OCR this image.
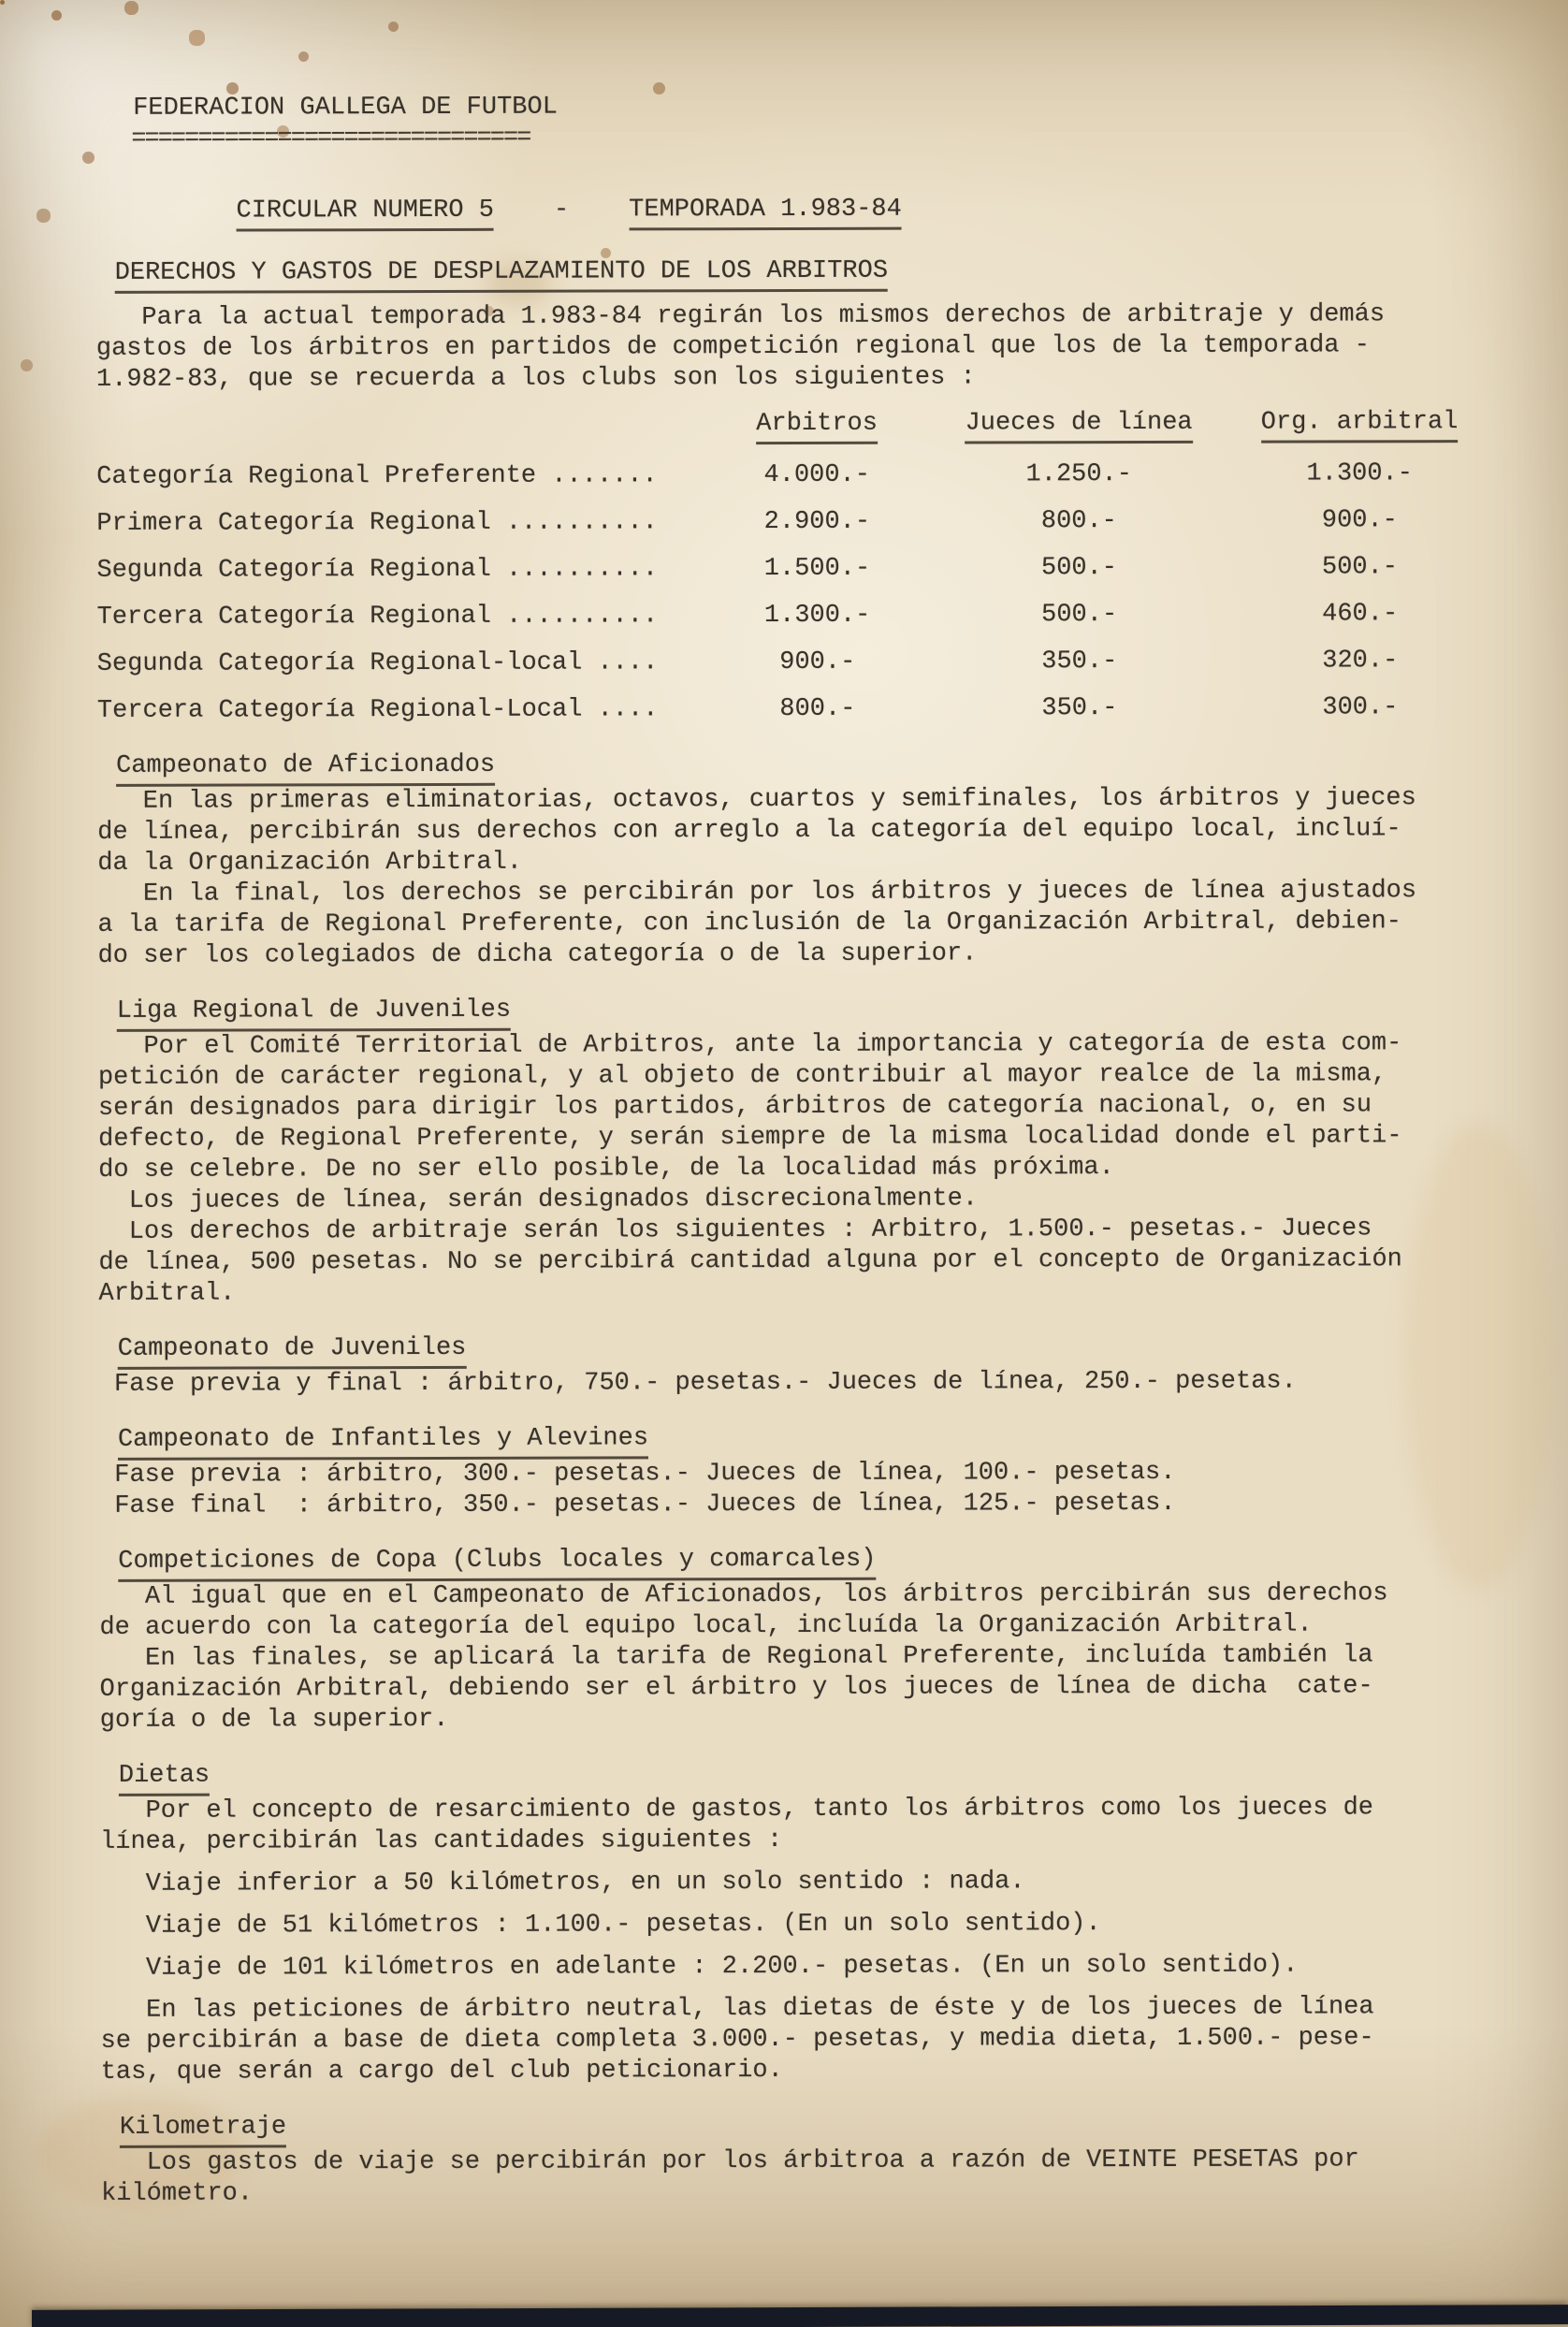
FEDERACION GALLEGA DE FUTBOL
==============================
CIRCULAR NUMERO 5 - TEMPORADA 1.983-84
DERECHOS Y GASTOS DE DESPLAZAMIENTO DE LOS ARBITROS
Para la actual temporada 1.983-84 regirán los mismos derechos de arbitraje y demás
gastos de los árbitros en partidos de competición regional que los de la temporada -
1.982-83, que se recuerda a los clubs son los siguientes :
Arbitros	Jueces de línea	Org. arbitral
Categoría Regional Preferente .......	4.000.-	1.250.-	1.300.-
Primera Categoría Regional ..........	2.900.-	800.-	900.-
Segunda Categoría Regional ..........	1.500.-	500.-	500.-
Tercera Categoría Regional ..........	1.300.-	500.-	460.-
Segunda Categoría Regional-local ....	900.-	350.-	320.-
Tercera Categoría Regional-Local ....	800.-	350.-	300.-
Campeonato de Aficionados
En las primeras eliminatorias, octavos, cuartos y semifinales, los árbitros y jueces
de línea, percibirán sus derechos con arreglo a la categoría del equipo local, incluí-
da la Organización Arbitral.
En la final, los derechos se percibirán por los árbitros y jueces de línea ajustados
a la tarifa de Regional Preferente, con inclusión de la Organización Arbitral, debien-
do ser los colegiados de dicha categoría o de la superior.
Liga Regional de Juveniles
Por el Comité Territorial de Arbitros, ante la importancia y categoría de esta com-
petición de carácter regional, y al objeto de contribuir al mayor realce de la misma,
serán designados para dirigir los partidos, árbitros de categoría nacional, o, en su
defecto, de Regional Preferente, y serán siempre de la misma localidad donde el parti-
do se celebre. De no ser ello posible, de la localidad más próxima.
Los jueces de línea, serán designados discrecionalmente.
Los derechos de arbitraje serán los siguientes : Arbitro, 1.500.- pesetas.- Jueces
de línea, 500 pesetas. No se percibirá cantidad alguna por el concepto de Organización
Arbitral.
Campeonato de Juveniles
Fase previa y final : árbitro, 750.- pesetas.- Jueces de línea, 250.- pesetas.
Campeonato de Infantiles y Alevines
Fase previa : árbitro, 300.- pesetas.- Jueces de línea, 100.- pesetas.
Fase final  : árbitro, 350.- pesetas.- Jueces de línea, 125.- pesetas.
Competiciones de Copa (Clubs locales y comarcales)
Al igual que en el Campeonato de Aficionados, los árbitros percibirán sus derechos
de acuerdo con la categoría del equipo local, incluída la Organización Arbitral.
En las finales, se aplicará la tarifa de Regional Preferente, incluída también la
Organización Arbitral, debiendo ser el árbitro y los jueces de línea de dicha  cate-
goría o de la superior.
Dietas
Por el concepto de resarcimiento de gastos, tanto los árbitros como los jueces de
línea, percibirán las cantidades siguientes :
Viaje inferior a 50 kilómetros, en un solo sentido : nada.
Viaje de 51 kilómetros : 1.100.- pesetas. (En un solo sentido).
Viaje de 101 kilómetros en adelante : 2.200.- pesetas. (En un solo sentido).
En las peticiones de árbitro neutral, las dietas de éste y de los jueces de línea
se percibirán a base de dieta completa 3.000.- pesetas, y media dieta, 1.500.- pese-
tas, que serán a cargo del club peticionario.
Kilometraje
Los gastos de viaje se percibirán por los árbitroa a razón de VEINTE PESETAS por
kilómetro.
